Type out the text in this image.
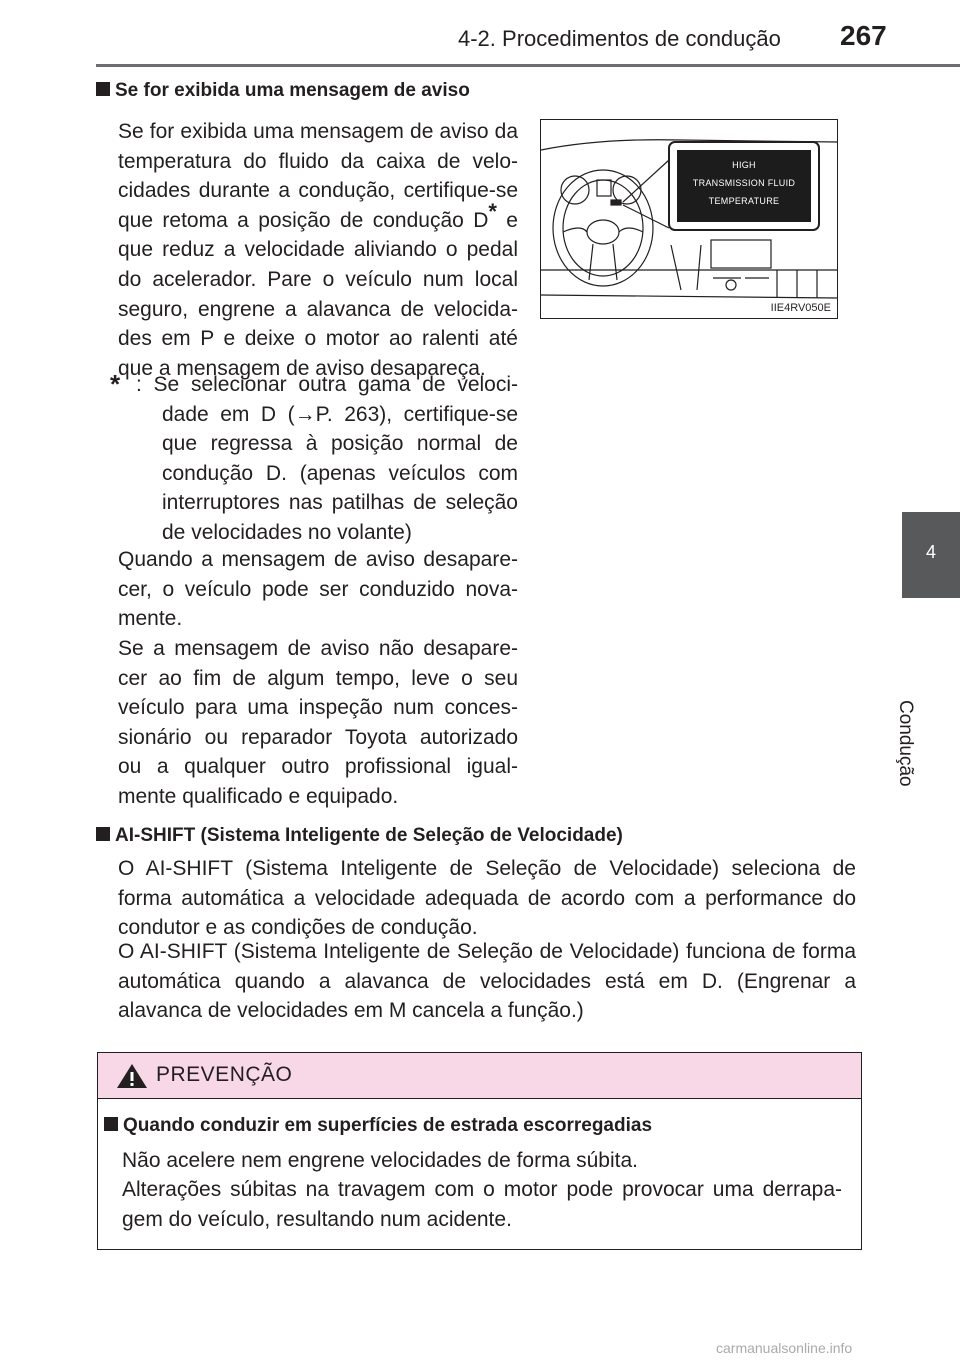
4-2. Procedimentos de condução 267
4
Condução
Se for exibida uma mensagem de aviso
Se for exibida uma mensagem de aviso da temperatura do fluido da caixa de velo-cidades durante a condução, certifique-se que retoma a posição de condução D* e que reduz a velocidade aliviando o pedal do acelerador. Pare o veículo num local seguro, engrene a alavanca de velocida-des em P e deixe o motor ao ralenti até que a mensagem de aviso desapareça.
* : Se selecionar outra gama de veloci-dade em D (→P. 263), certifique-se que regressa à posição normal de condução D. (apenas veículos com interruptores nas patilhas de seleção de velocidades no volante)
Quando a mensagem de aviso desapare-cer, o veículo pode ser conduzido nova-mente.
Se a mensagem de aviso não desapare-cer ao fim de algum tempo, leve o seu veículo para uma inspeção num conces-sionário ou reparador Toyota autorizado ou a qualquer outro profissional igual-mente qualificado e equipado.
HIGH
TRANSMISSION FLUID
TEMPERATURE
IIE4RV050E
AI-SHIFT (Sistema Inteligente de Seleção de Velocidade)
O AI-SHIFT (Sistema Inteligente de Seleção de Velocidade) seleciona de forma automática a velocidade adequada de acordo com a performance do condutor e as condições de condução.
O AI-SHIFT (Sistema Inteligente de Seleção de Velocidade) funciona de forma automática quando a alavanca de velocidades está em D. (Engrenar a alavanca de velocidades em M cancela a função.)
PREVENÇÃO
Quando conduzir em superfícies de estrada escorregadias
Não acelere nem engrene velocidades de forma súbita.
Alterações súbitas na travagem com o motor pode provocar uma derrapa-gem do veículo, resultando num acidente.
carmanualsonline.info
